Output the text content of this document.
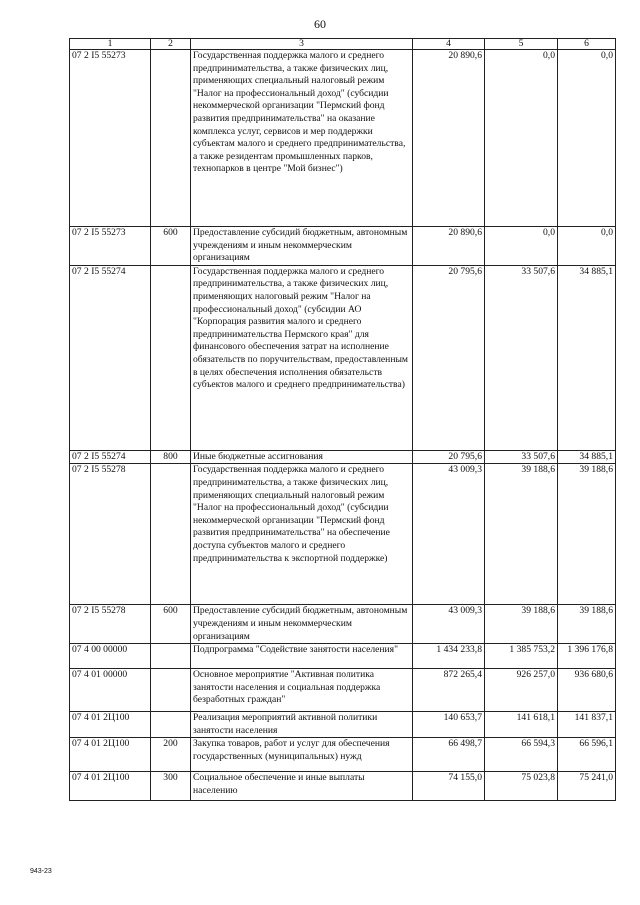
60
1	2	3	4	5	6
07 2 I5 55273		Государственная поддержка малого и среднего предпринимательства, а также физических лиц, применяющих специальный налоговый режим "Налог на профессиональный доход" (субсидии некоммерческой организации "Пермский фонд развития предпринимательства" на оказание комплекса услуг, сервисов и мер поддержки субъектам малого и среднего предпринимательства, а также резидентам промышленных парков, технопарков в центре "Мой бизнес")	20 890,6	0,0	0,0
07 2 I5 55273	600	Предоставление субсидий бюджетным, автономным учреждениям и иным некоммерческим организациям	20 890,6	0,0	0,0
07 2 I5 55274		Государственная поддержка малого и среднего предпринимательства, а также физических лиц, применяющих налоговый режим "Налог на профессиональный доход" (субсидии АО "Корпорация развития малого и среднего предпринимательства Пермского края" для финансового обеспечения затрат на исполнение обязательств по поручительствам, предоставленным в целях обеспечения исполнения обязательств субъектов малого и среднего предпринимательства)	20 795,6	33 507,6	34 885,1
07 2 I5 55274	800	Иные бюджетные ассигнования	20 795,6	33 507,6	34 885,1
07 2 I5 55278		Государственная поддержка малого и среднего предпринимательства, а также физических лиц, применяющих специальный налоговый режим "Налог на профессиональный доход" (субсидии некоммерческой организации "Пермский фонд развития предпринимательства" на обеспечение доступа субъектов малого и среднего предпринимательства к экспортной поддержке)	43 009,3	39 188,6	39 188,6
07 2 I5 55278	600	Предоставление субсидий бюджетным, автономным учреждениям и иным некоммерческим организациям	43 009,3	39 188,6	39 188,6
07 4 00 00000		Подпрограмма "Содействие занятости населения"	1 434 233,8	1 385 753,2	1 396 176,8
07 4 01 00000		Основное мероприятие "Активная политика занятости населения и социальная поддержка безработных граждан"	872 265,4	926 257,0	936 680,6
07 4 01 2Ц100		Реализация мероприятий активной политики занятости населения	140 653,7	141 618,1	141 837,1
07 4 01 2Ц100	200	Закупка товаров, работ и услуг для обеспечения государственных (муниципальных) нужд	66 498,7	66 594,3	66 596,1
07 4 01 2Ц100	300	Социальное обеспечение и иные выплаты населению	74 155,0	75 023,8	75 241,0
943-23
